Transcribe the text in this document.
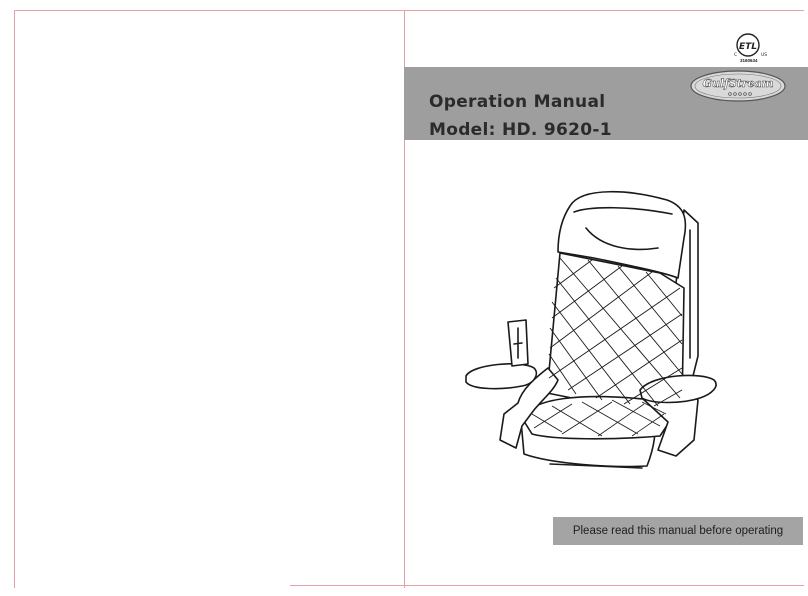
ETL
C	US
3160634
GulfStream
Operation Manual
Model: HD. 9620-1
Please read this manual before operating
